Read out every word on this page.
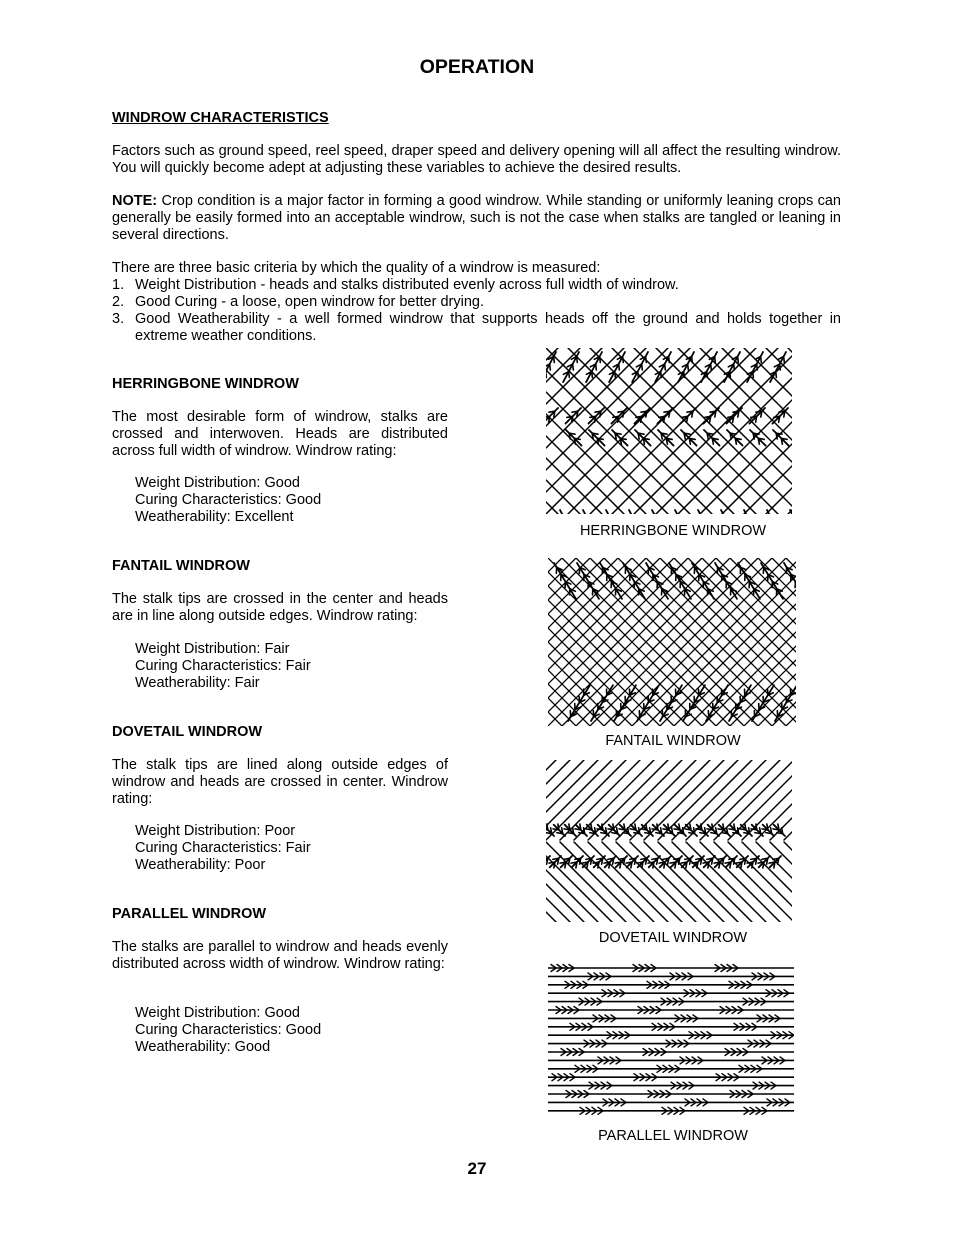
OPERATION
WINDROW CHARACTERISTICS
Factors such as ground speed, reel speed, draper speed and delivery opening will all affect the resulting windrow. You will quickly become adept at adjusting these variables to achieve the desired results.
NOTE: Crop condition is a major factor in forming a good windrow. While standing or uniformly leaning crops can generally be easily formed into an acceptable windrow, such is not the case when stalks are tangled or leaning in several directions.
There are three basic criteria by which the quality of a windrow is measured:
1. Weight Distribution - heads and stalks distributed evenly across full width of windrow.
2. Good Curing - a loose, open windrow for better drying.
3. Good Weatherability - a well formed windrow that supports heads off the ground and holds together in extreme weather conditions.
HERRINGBONE WINDROW
The most desirable form of windrow, stalks are crossed and interwoven. Heads are distributed across full width of windrow. Windrow rating:
Weight Distribution: Good
Curing Characteristics: Good
Weatherability: Excellent
FANTAIL WINDROW
The stalk tips are crossed in the center and heads are in line along outside edges. Windrow rating:
Weight Distribution: Fair
Curing Characteristics: Fair
Weatherability: Fair
DOVETAIL WINDROW
The stalk tips are lined along outside edges of windrow and heads are crossed in center. Windrow rating:
Weight Distribution: Poor
Curing Characteristics: Fair
Weatherability: Poor
PARALLEL WINDROW
The stalks are parallel to windrow and heads evenly distributed across width of windrow. Windrow rating:
Weight Distribution: Good
Curing Characteristics: Good
Weatherability: Good
HERRINGBONE WINDROW
FANTAIL WINDROW
DOVETAIL WINDROW
PARALLEL WINDROW
27
